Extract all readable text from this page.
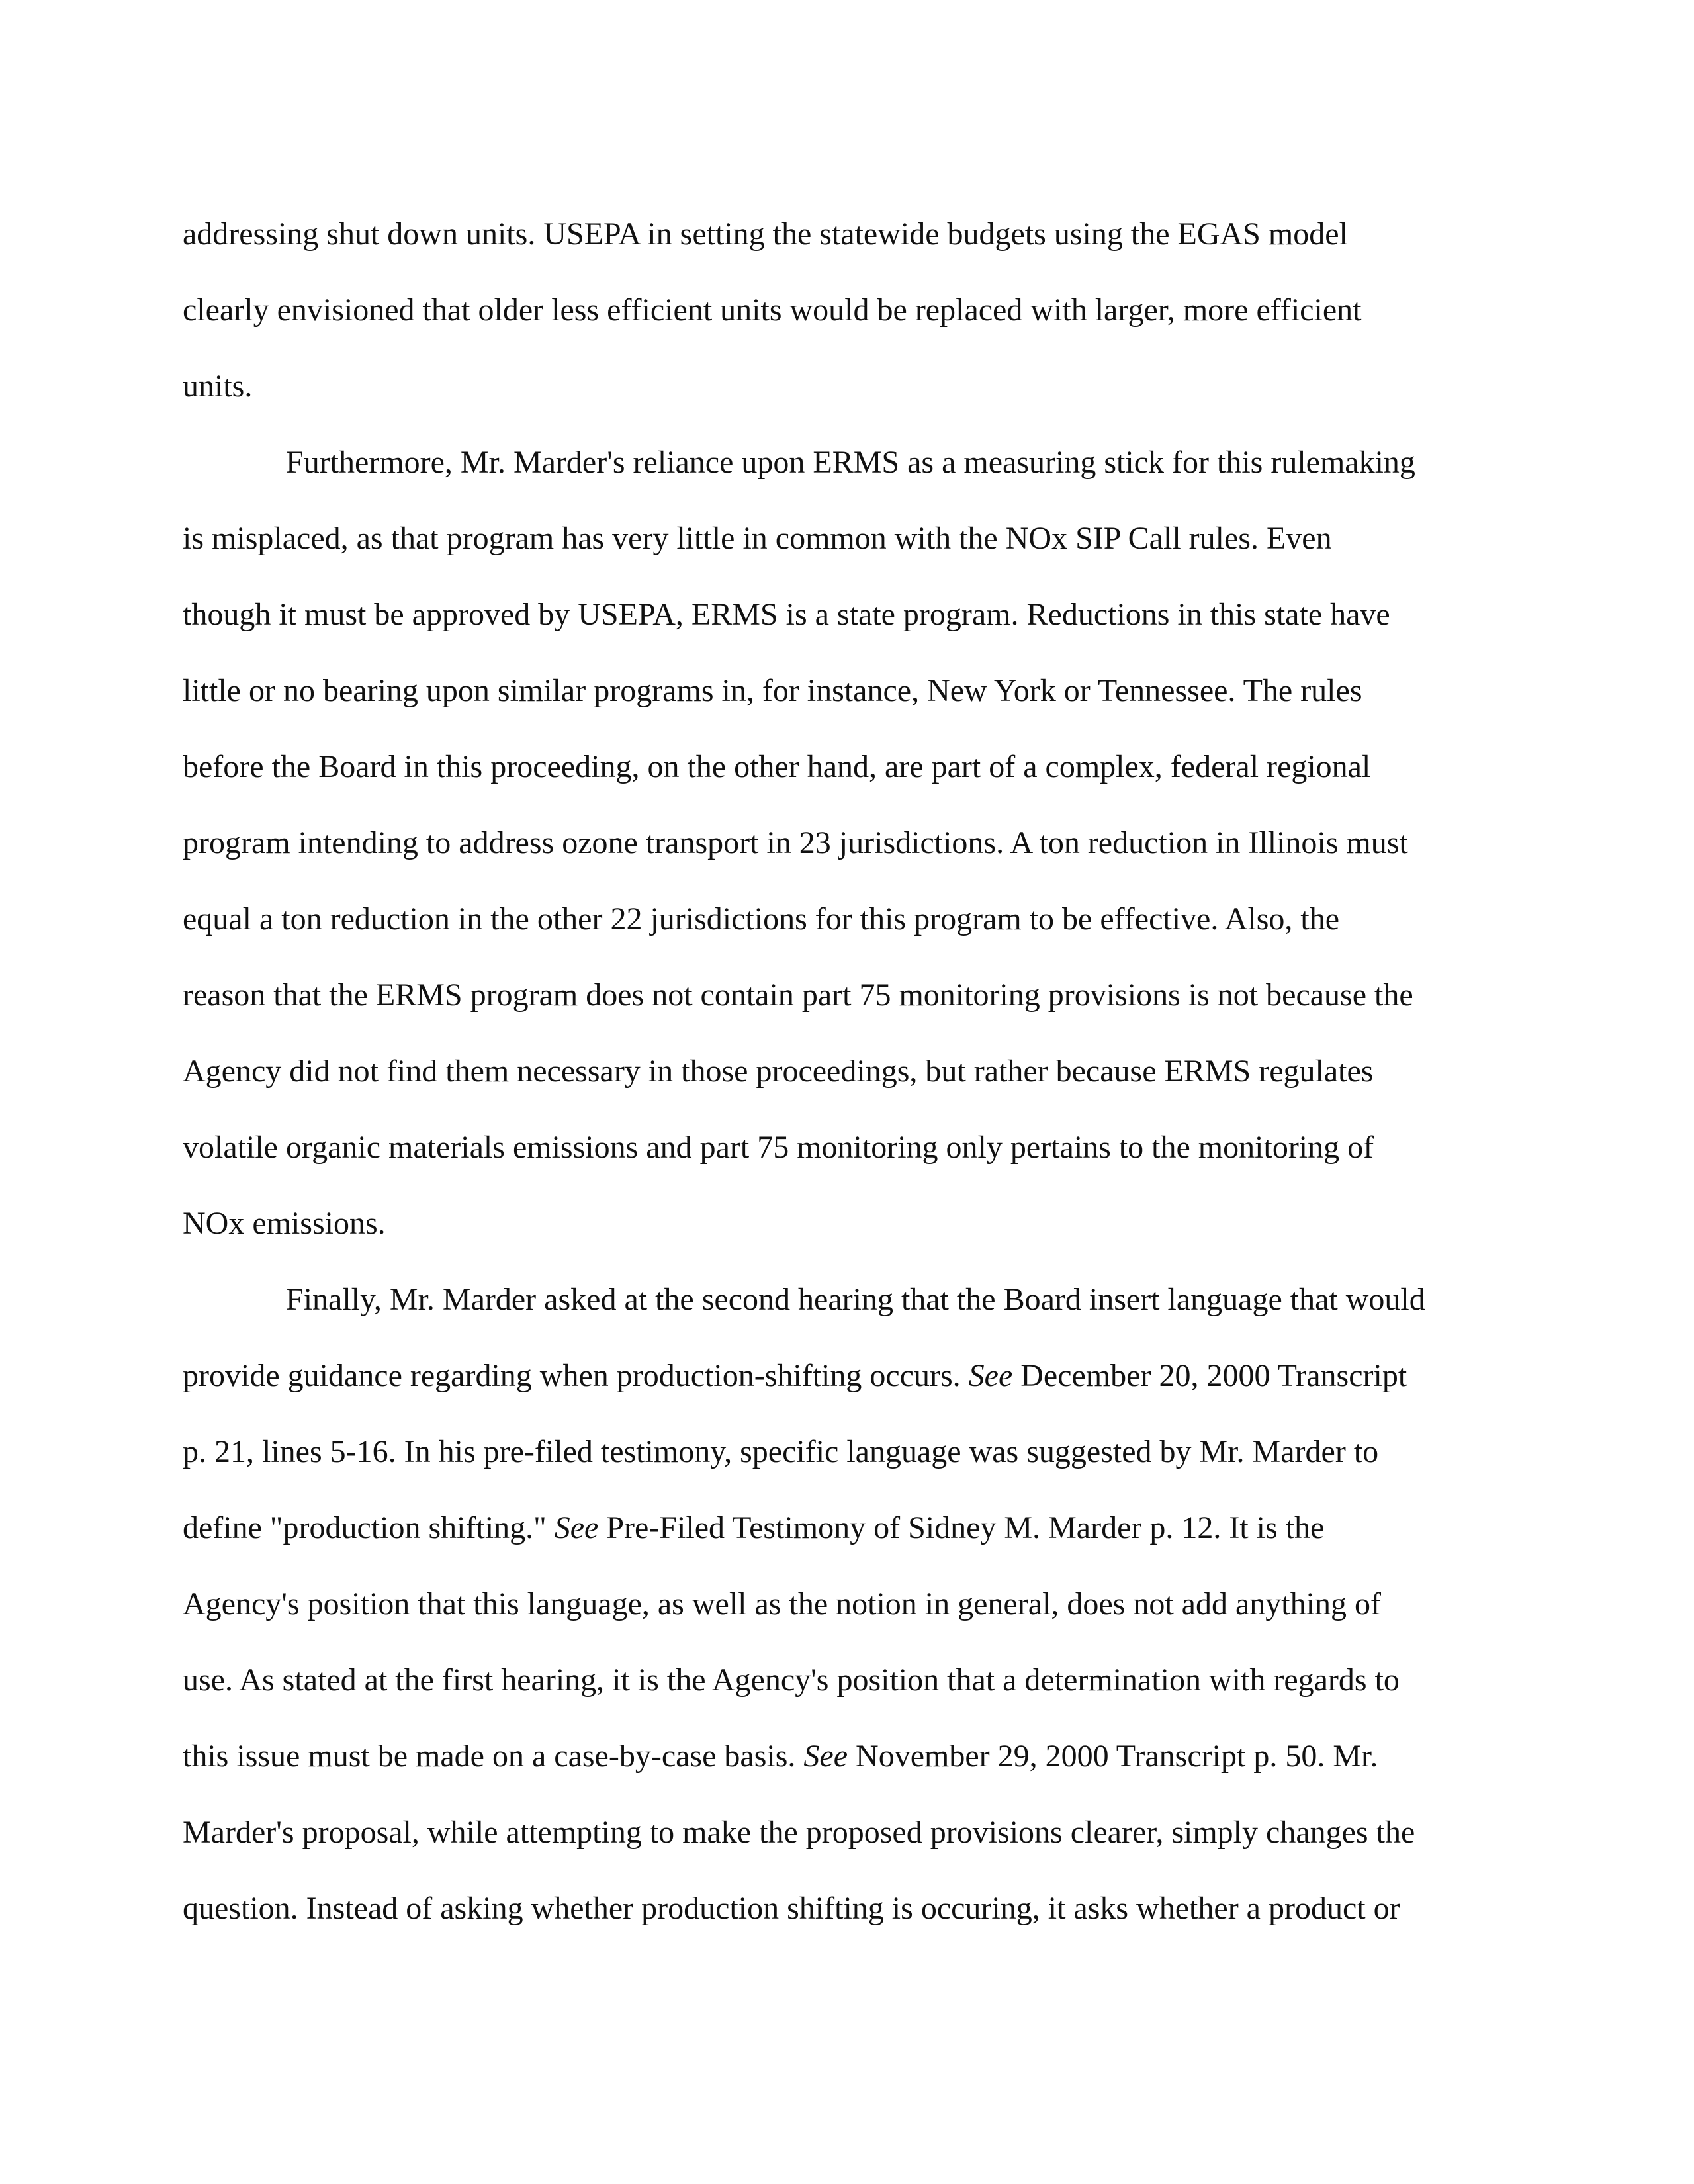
addressing shut down units. USEPA in setting the statewide budgets using the EGAS model
clearly envisioned that older less efficient units would be replaced with larger, more efficient
units.
Furthermore, Mr. Marder's reliance upon ERMS as a measuring stick for this rulemaking
is misplaced, as that program has very little in common with the NOx SIP Call rules. Even
though it must be approved by USEPA, ERMS is a state program. Reductions in this state have
little or no bearing upon similar programs in, for instance, New York or Tennessee. The rules
before the Board in this proceeding, on the other hand, are part of a complex, federal regional
program intending to address ozone transport in 23 jurisdictions. A ton reduction in Illinois must
equal a ton reduction in the other 22 jurisdictions for this program to be effective. Also, the
reason that the ERMS program does not contain part 75 monitoring provisions is not because the
Agency did not find them necessary in those proceedings, but rather because ERMS regulates
volatile organic materials emissions and part 75 monitoring only pertains to the monitoring of
NOx emissions.
Finally, Mr. Marder asked at the second hearing that the Board insert language that would
provide guidance regarding when production-shifting occurs. See December 20, 2000 Transcript
p. 21, lines 5-16. In his pre-filed testimony, specific language was suggested by Mr. Marder to
define "production shifting." See Pre-Filed Testimony of Sidney M. Marder p. 12. It is the
Agency's position that this language, as well as the notion in general, does not add anything of
use. As stated at the first hearing, it is the Agency's position that a determination with regards to
this issue must be made on a case-by-case basis. See November 29, 2000 Transcript p. 50. Mr.
Marder's proposal, while attempting to make the proposed provisions clearer, simply changes the
question. Instead of asking whether production shifting is occuring, it asks whether a product or
